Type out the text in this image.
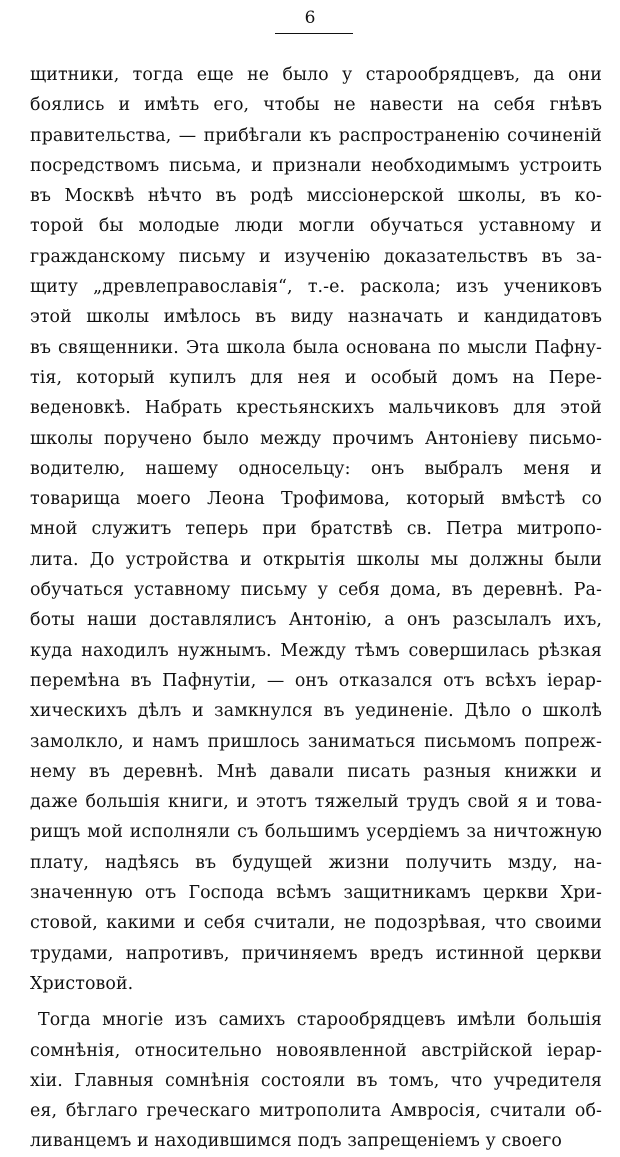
6
щитники, тогда еще не было у старообрядцевъ, да они
боялись и имѣть его, чтобы не навести на себя гнѣвъ
правительства, — прибѣгали къ распространенію сочиненій
посредствомъ письма, и признали необходимымъ устроить
въ Москвѣ нѣчто въ родѣ миссіонерской школы, въ ко-
торой бы молодые люди могли обучаться уставному и
гражданскому письму и изученію доказательствъ въ за-
щиту „древлеправославія“, т.-е. раскола; изъ учениковъ
этой школы имѣлось въ виду назначать и кандидатовъ
въ священники. Эта школа была основана по мысли Пафну-
тія, который купилъ для нея и особый домъ на Пере-
веденовкѣ. Набрать крестьянскихъ мальчиковъ для этой
школы поручено было между прочимъ Антоніеву письмо-
водителю, нашему односельцу: онъ выбралъ меня и
товарища моего Леона Трофимова, который вмѣстѣ со
мной служитъ теперь при братствѣ св. Петра митропо-
лита. До устройства и открытія школы мы должны были
обучаться уставному письму у себя дома, въ деревнѣ. Ра-
боты наши доставлялисъ Антонію, а онъ разсылалъ ихъ,
куда находилъ нужнымъ. Между тѣмъ совершилась рѣзкая
перемѣна въ Пафнутіи, — онъ отказался отъ всѣхъ іерар-
хическихъ дѣлъ и замкнулся въ уединеніе. Дѣло о школѣ
замолкло, и намъ пришлось заниматься письмомъ попреж-
нему въ деревнѣ. Мнѣ давали писать разныя книжки и
даже большія книги, и этотъ тяжелый трудъ свой я и това-
рищъ мой исполняли съ большимъ усердіемъ за ничтожную
плату, надѣясь въ будущей жизни получить мзду, на-
значенную отъ Господа всѣмъ защитникамъ церкви Хри-
стовой, какими и себя считали, не подозрѣвая, что своими
трудами, напротивъ, причиняемъ вредъ истинной церкви
Христовой.
Тогда многіе изъ самихъ старообрядцевъ имѣли большія
сомнѣнія, относительно новоявленной австрійской іерар-
хіи. Главныя сомнѣнія состояли въ томъ, что учредителя
ея, бѣглаго греческаго митрополита Амвросія, считали об-
ливанцемъ и находившимся подъ запрещеніемъ у своего
